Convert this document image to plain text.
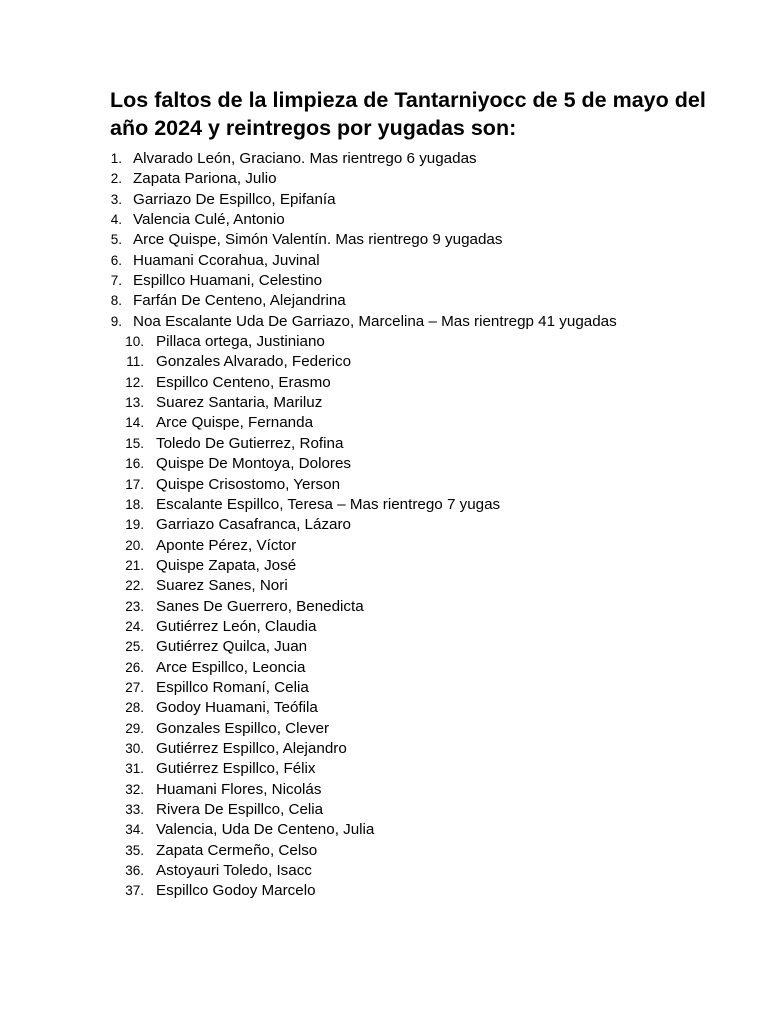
Los faltos de la limpieza de Tantarniyocc de 5 de mayo del año 2024 y reintregos por yugadas son:
1. Alvarado León, Graciano. Mas rientrego 6 yugadas
2. Zapata Pariona, Julio
3. Garriazo De Espillco, Epifanía
4. Valencia Culé, Antonio
5. Arce Quispe, Simón Valentín. Mas rientrego 9 yugadas
6. Huamani Ccorahua, Juvinal
7. Espillco Huamani, Celestino
8. Farfán De Centeno, Alejandrina
9. Noa Escalante Uda De Garriazo, Marcelina – Mas rientregp 41 yugadas
10. Pillaca ortega, Justiniano
11. Gonzales Alvarado, Federico
12. Espillco Centeno, Erasmo
13. Suarez Santaria, Mariluz
14. Arce Quispe, Fernanda
15. Toledo De Gutierrez, Rofina
16. Quispe De Montoya, Dolores
17. Quispe Crisostomo, Yerson
18. Escalante Espillco, Teresa – Mas rientrego 7 yugas
19. Garriazo Casafranca, Lázaro
20. Aponte Pérez, Víctor
21. Quispe Zapata, José
22. Suarez Sanes, Nori
23. Sanes De Guerrero, Benedicta
24. Gutiérrez León, Claudia
25. Gutiérrez Quilca, Juan
26. Arce Espillco, Leoncia
27. Espillco Romaní, Celia
28. Godoy Huamani, Teófila
29. Gonzales Espillco, Clever
30. Gutiérrez Espillco, Alejandro
31. Gutiérrez Espillco, Félix
32. Huamani Flores, Nicolás
33. Rivera De Espillco, Celia
34. Valencia, Uda De Centeno, Julia
35. Zapata Cermeño, Celso
36. Astoyauri Toledo, Isacc
37. Espillco Godoy Marcelo
